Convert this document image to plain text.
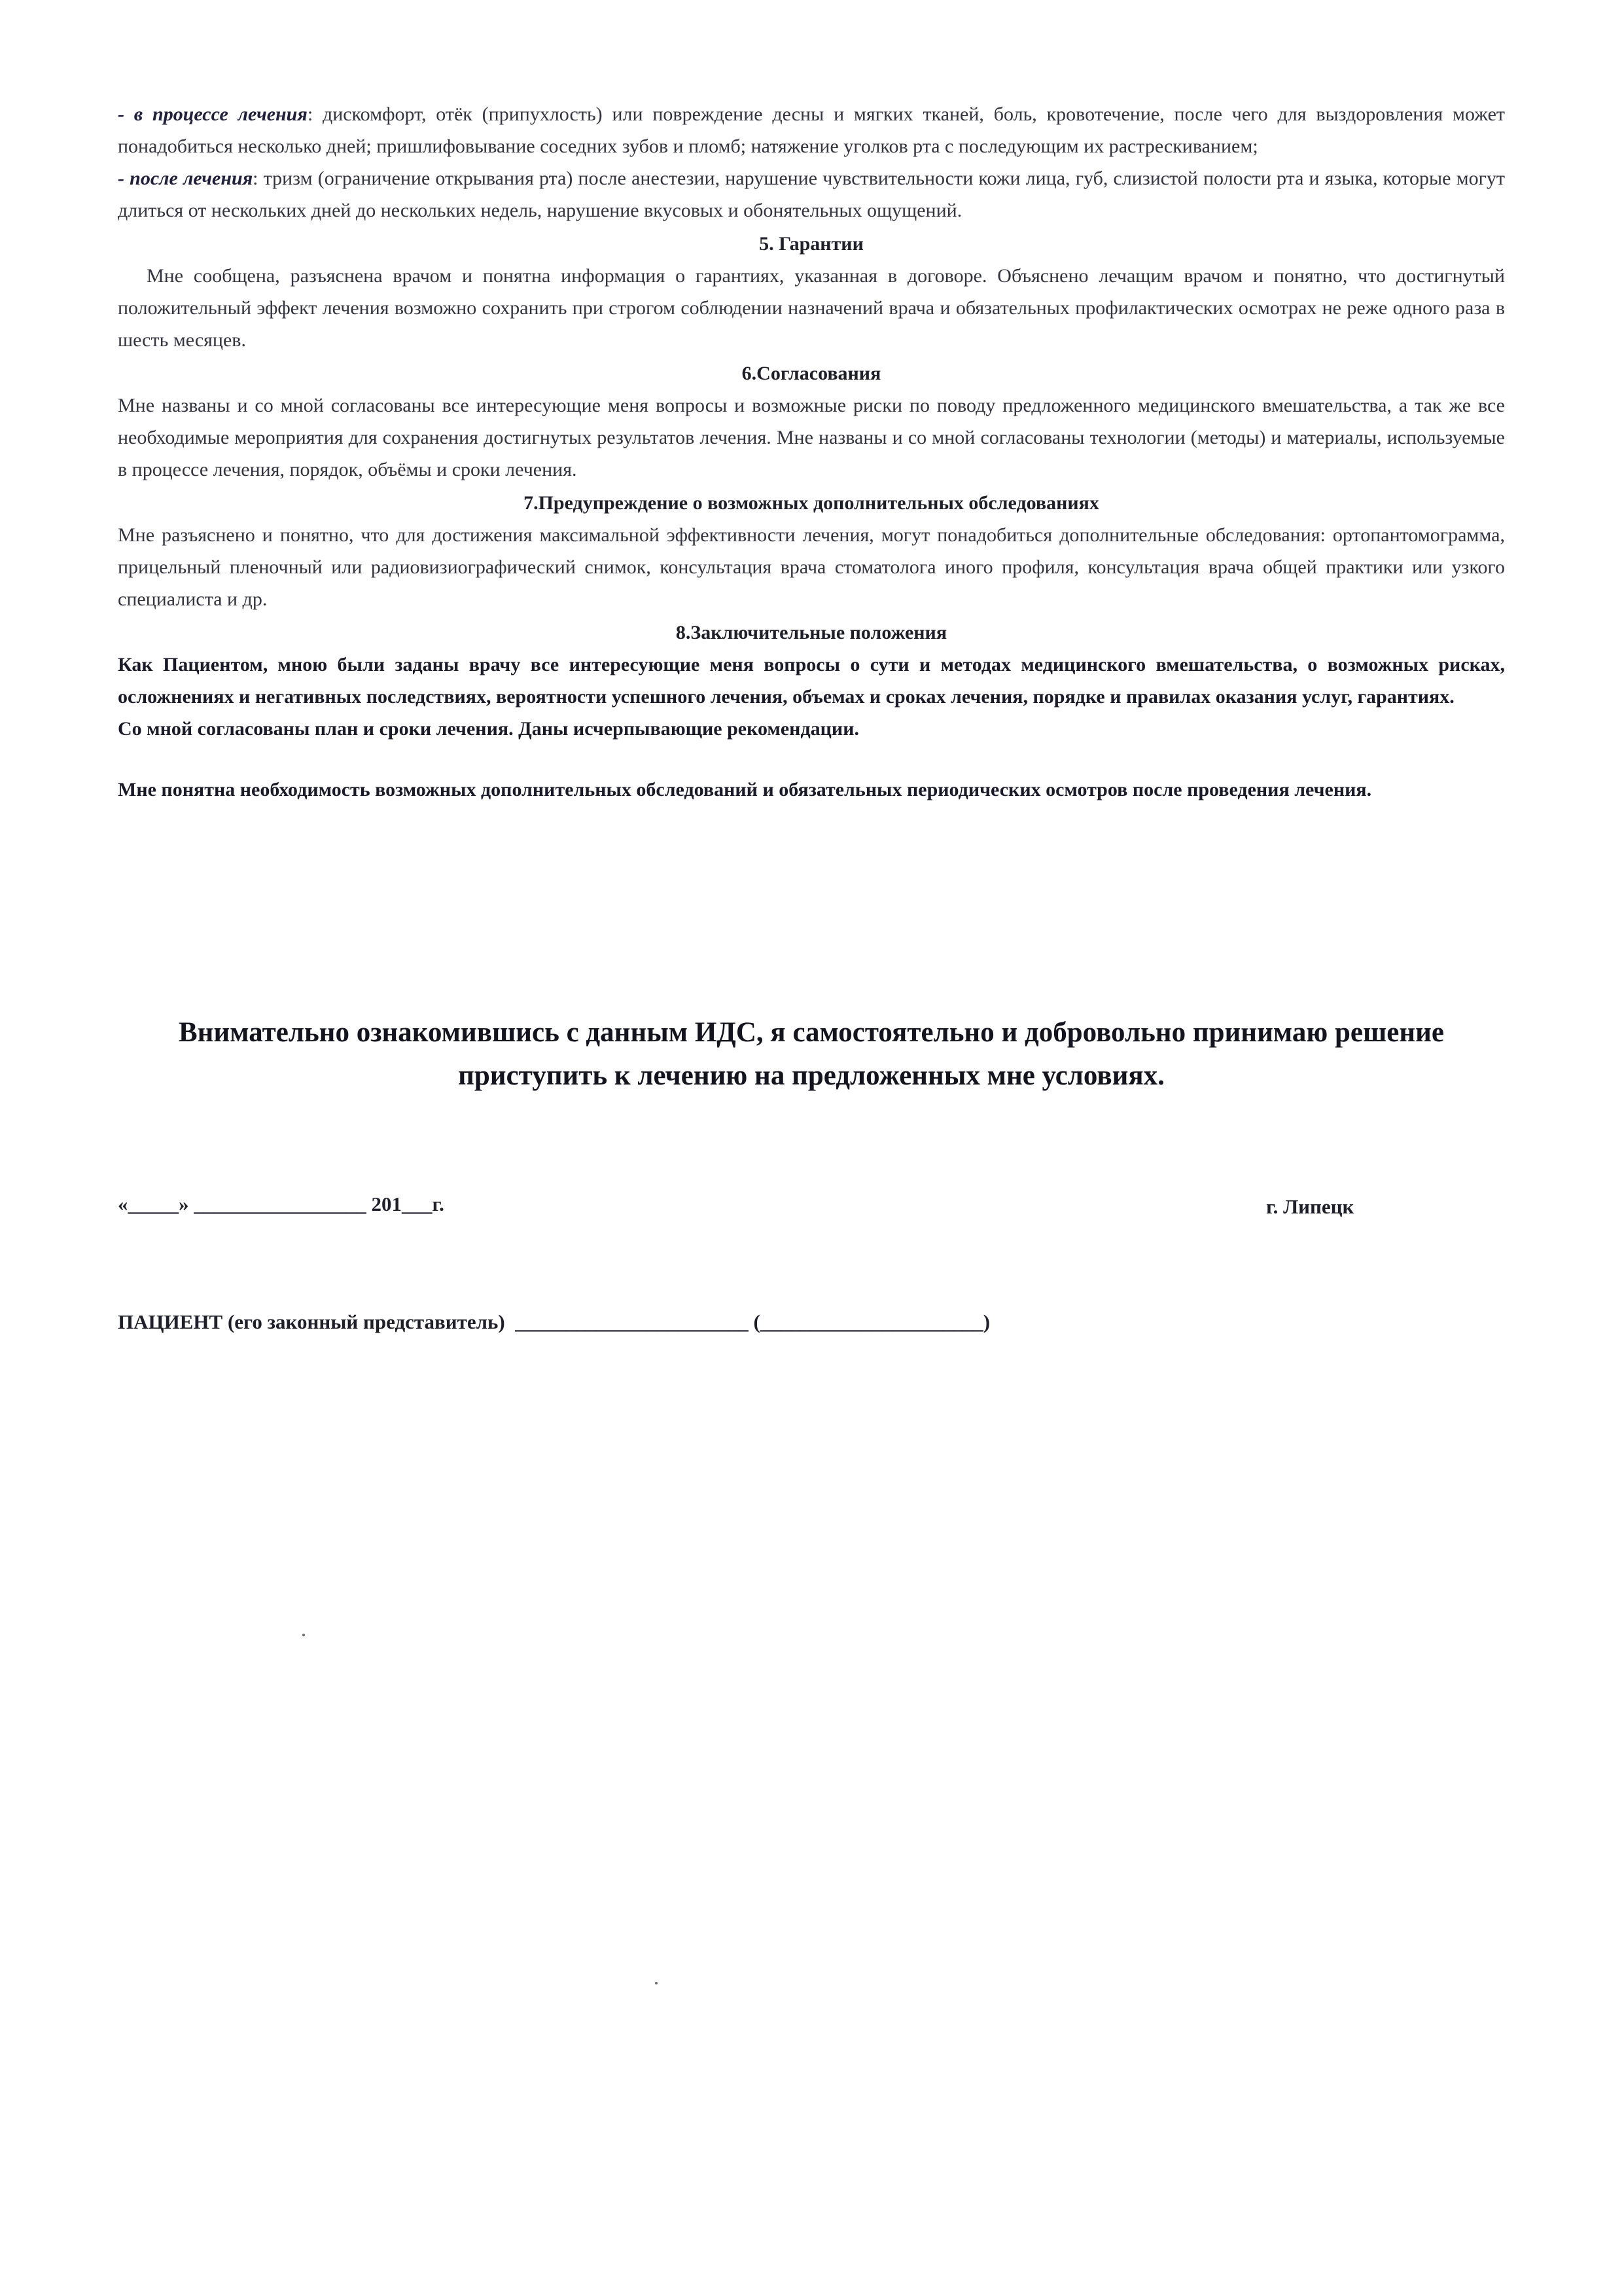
- в процессе лечения: дискомфорт, отёк (припухлость) или повреждение десны и мягких тканей, боль, кровотечение, после чего для выздоровления может понадобиться несколько дней; пришлифовывание соседних зубов и пломб; натяжение уголков рта с последующим их растрескиванием;

- после лечения: тризм (ограничение открывания рта) после анестезии, нарушение чувствительности кожи лица, губ, слизистой полости рта и языка, которые могут длиться от нескольких дней до нескольких недель, нарушение вкусовых и обонятельных ощущений.

5. Гарантии

Мне сообщена, разъяснена врачом и понятна информация о гарантиях, указанная в договоре. Объяснено лечащим врачом и понятно, что достигнутый положительный эффект лечения возможно сохранить при строгом соблюдении назначений врача и обязательных профилактических осмотрах не реже одного раза в шесть месяцев.

6.Согласования

Мне названы и со мной согласованы все интересующие меня вопросы и возможные риски по поводу предложенного медицинского вмешательства, а так же все необходимые мероприятия для сохранения достигнутых результатов лечения. Мне названы и со мной согласованы технологии (методы) и материалы, используемые в процессе лечения, порядок, объёмы и сроки лечения.

7.Предупреждение о возможных дополнительных обследованиях

Мне разъяснено и понятно, что для достижения максимальной эффективности лечения, могут понадобиться дополнительные обследования: ортопантомограмма, прицельный пленочный или радиовизиографический снимок, консультация врача стоматолога иного профиля, консультация врача общей практики или узкого специалиста и др.

8.Заключительные положения

Как Пациентом, мною были заданы врачу все интересующие меня вопросы о сути и методах медицинского вмешательства, о возможных рисках, осложнениях и негативных последствиях, вероятности успешного лечения, объемах и сроках лечения, порядке и правилах оказания услуг, гарантиях.

Со мной согласованы план и сроки лечения. Даны исчерпывающие рекомендации.

Мне понятна необходимость возможных дополнительных обследований и обязательных периодических осмотров после проведения лечения.

Внимательно ознакомившись с данным ИДС, я самостоятельно и добровольно принимаю решение приступить к лечению на предложенных мне условиях.
«_____» _________________ 201___г.	г. Липецк
ПАЦИЕНТ (его законный представитель) _______________________ (______________________)
